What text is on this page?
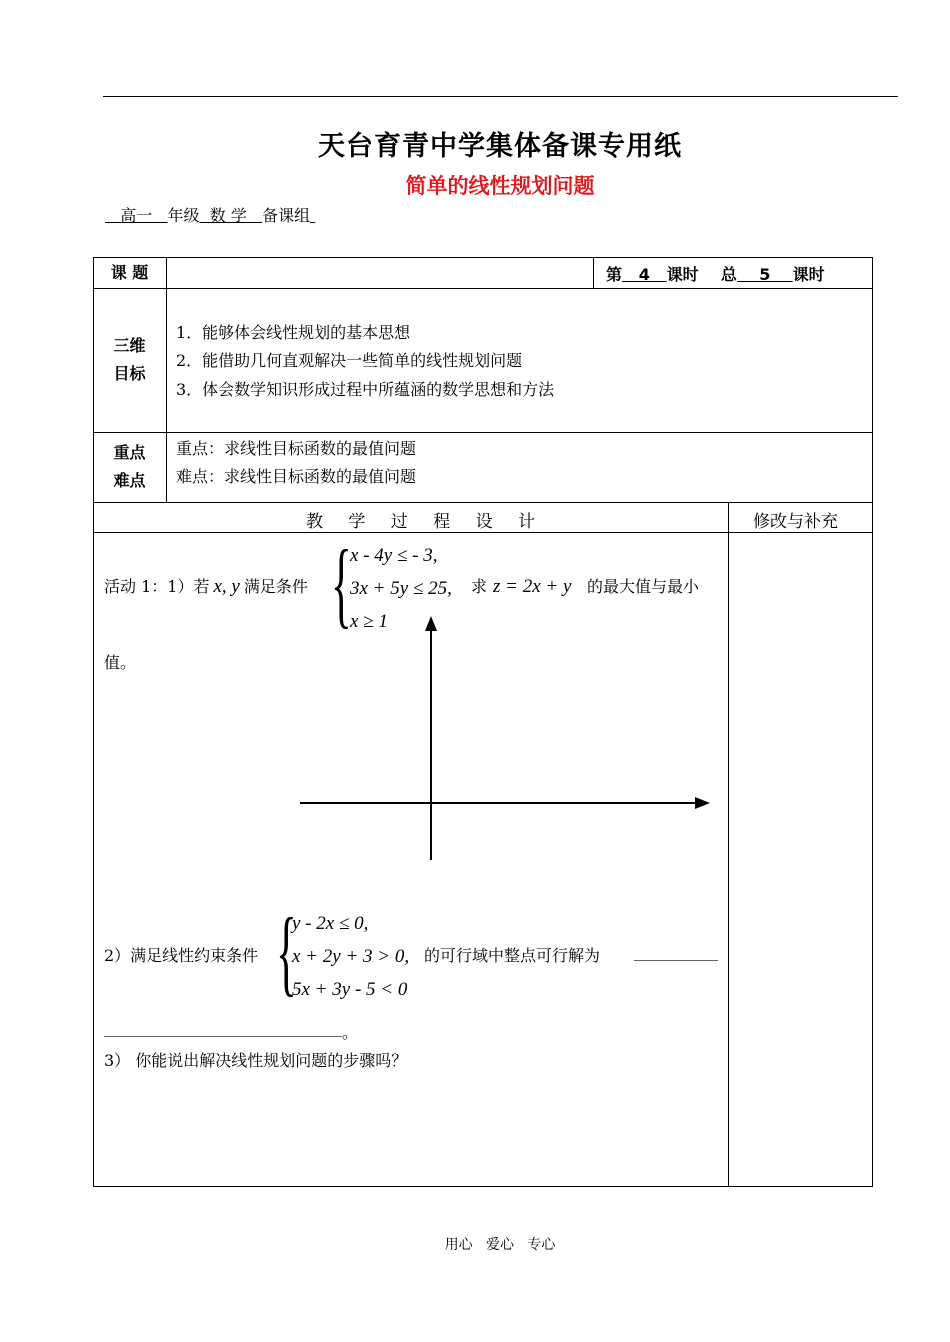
天台育青中学集体备课专用纸
简单的线性规划问题
高一 年级 数 学 备课组
课 题	第 4 课时 总 5 课时
三维
目标
1．能够体会线性规划的基本思想
2．能借助几何直观解决一些简单的线性规划问题
3．体会数学知识形成过程中所蕴涵的数学思想和方法
重点
难点
重点：求线性目标函数的最值问题
难点：求线性目标函数的最值问题
教 学 过 程 设 计	修改与补充
活动 1：1）若 x, y 满足条件 {
x - 4y ≤ - 3,
3x + 5y ≤ 25,
x ≥ 1
求 z = 2x + y 的最大值与最小
值。
2）满足线性约束条件 {
y - 2x ≤ 0,
x + 2y + 3 > 0,
5x + 3y - 5 < 0
的可行域中整点可行解为
。
3） 你能说出解决线性规划问题的步骤吗？
用心   爱心   专心
